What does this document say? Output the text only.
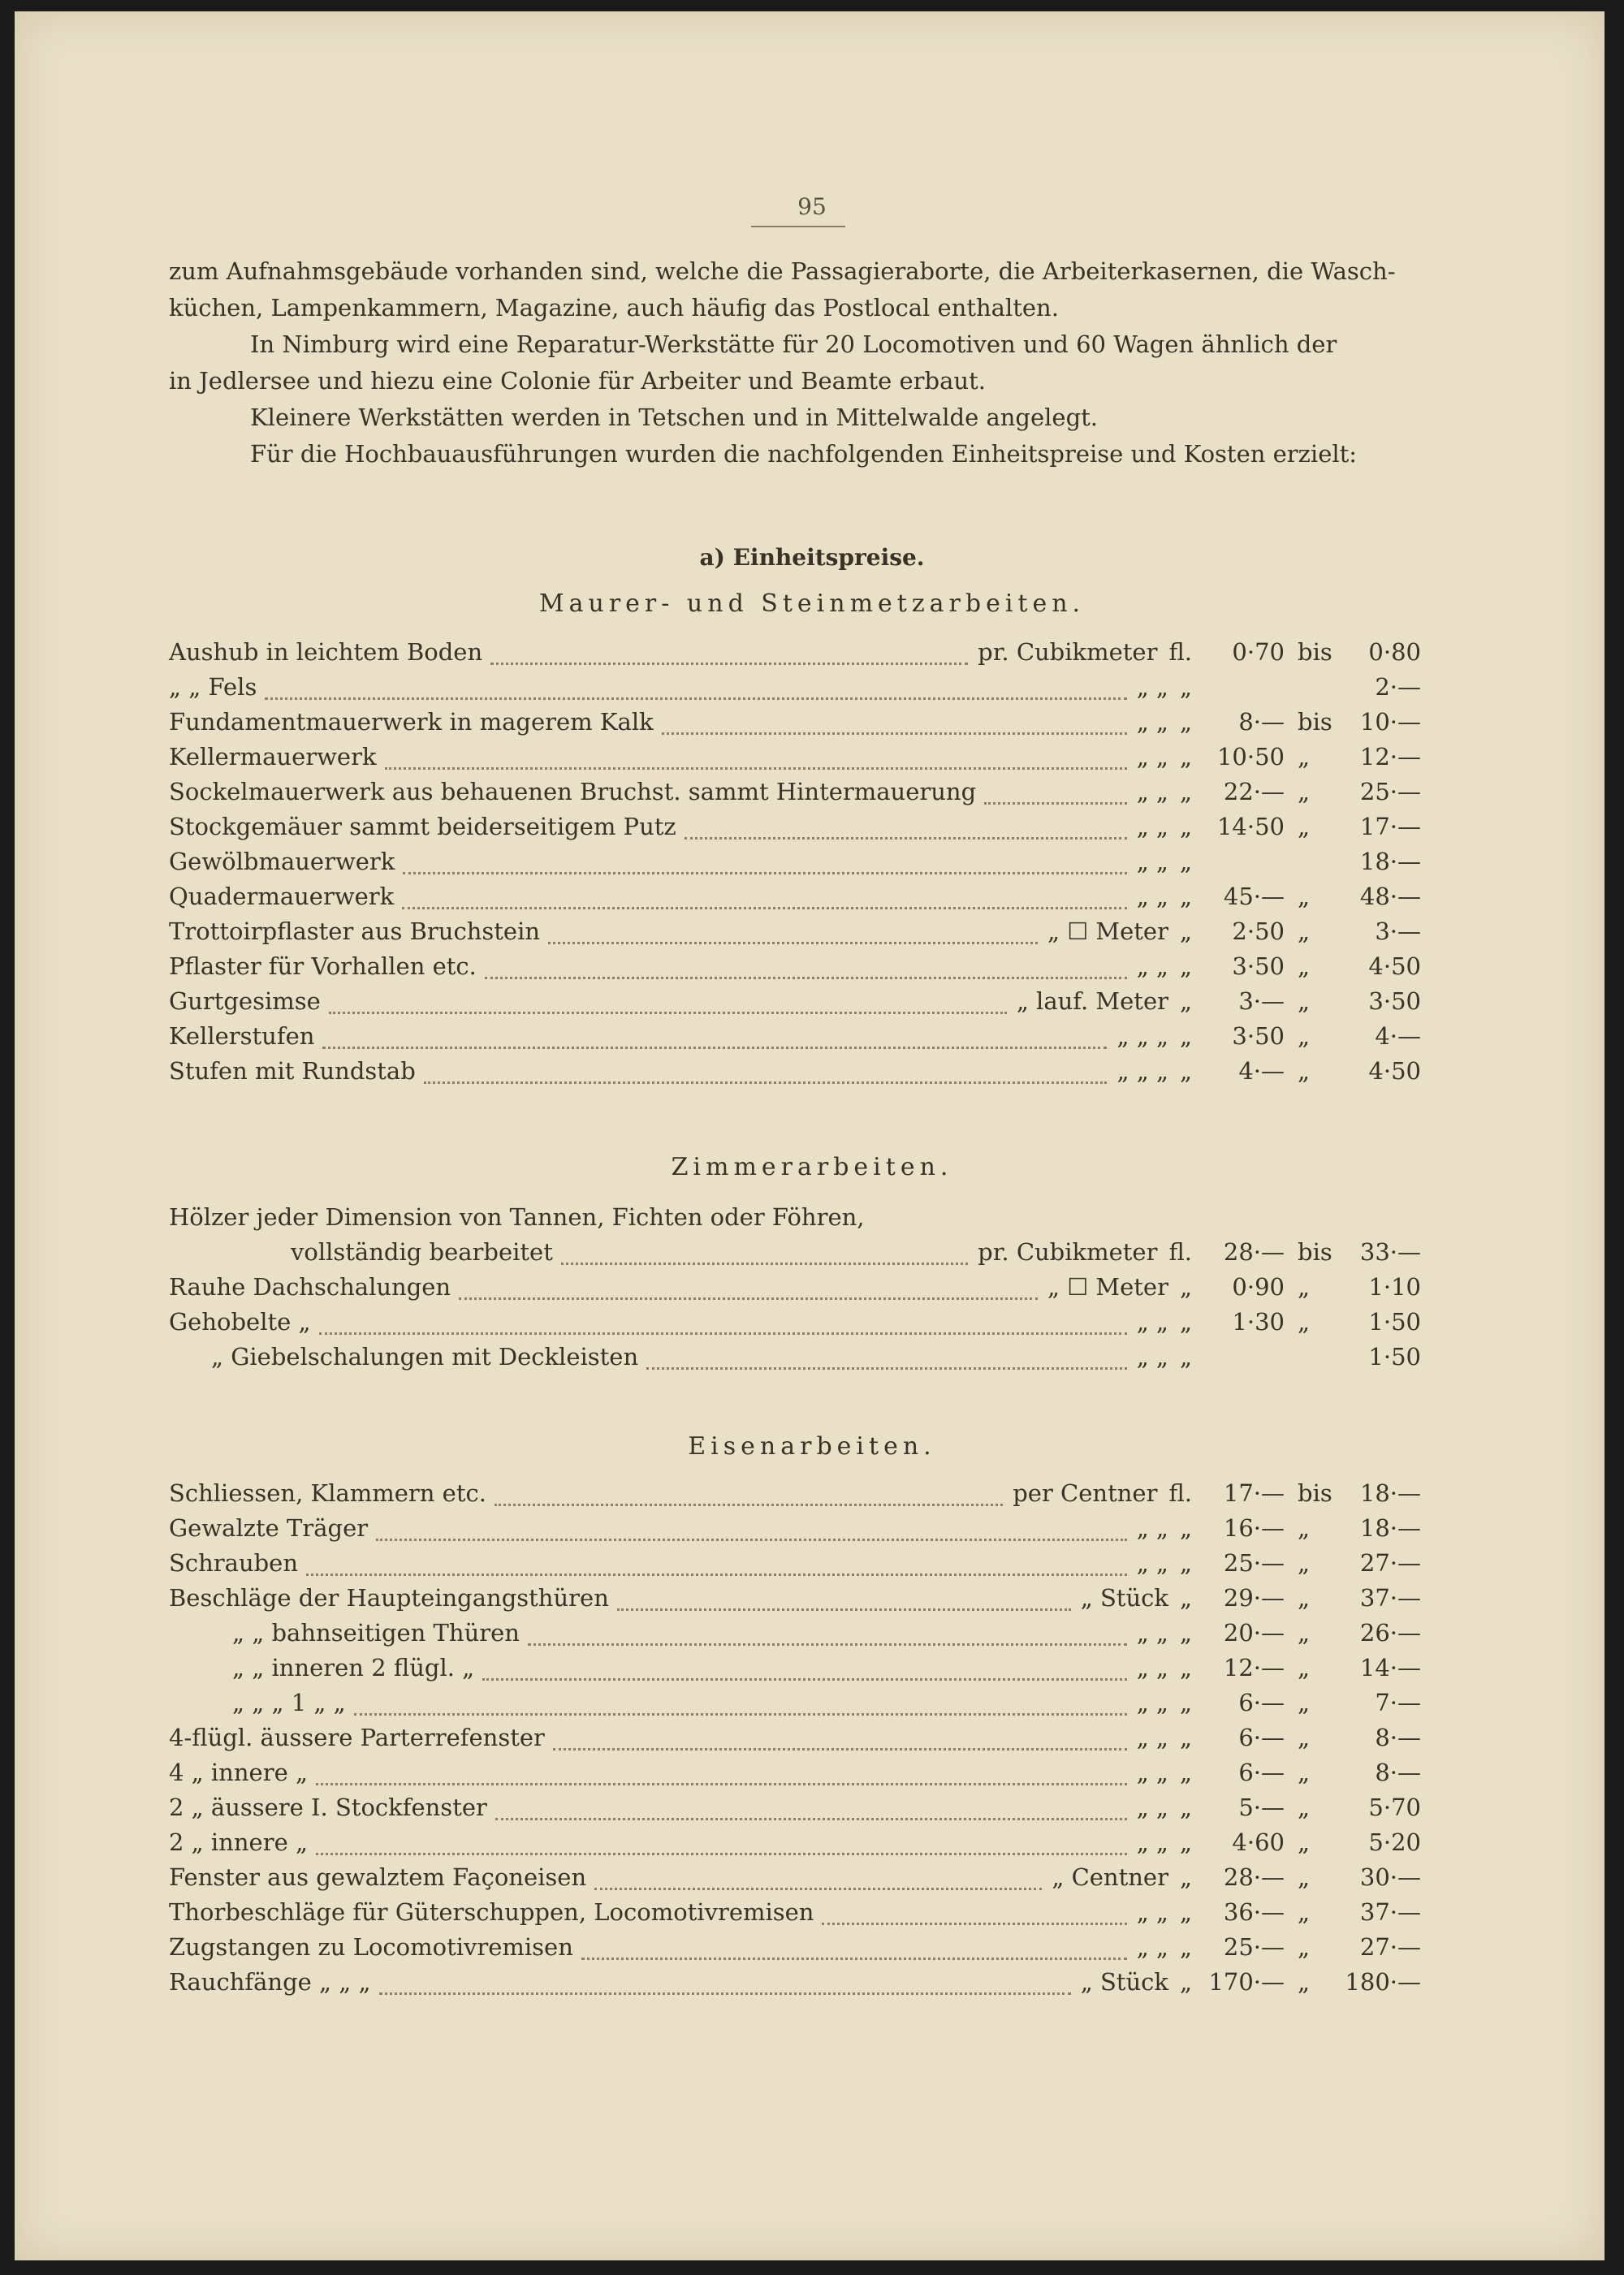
95

zum Aufnahmsgebäude vorhanden sind, welche die Passagieraborte, die Arbeiterkasernen, die Wasch-

küchen, Lampenkammern, Magazine, auch häufig das Postlocal enthalten.

In Nimburg wird eine Reparatur-Werkstätte für 20 Locomotiven und 60 Wagen ähnlich der

in Jedlersee und hiezu eine Colonie für Arbeiter und Beamte erbaut.

Kleinere Werkstätten werden in Tetschen und in Mittelwalde angelegt.

Für die Hochbauausführungen wurden die nachfolgenden Einheitspreise und Kosten erzielt:

a) Einheitspreise.
Maurer- und Steinmetzarbeiten.
Aushub in leichtem Boden	pr. Cubikmeter fl. 0·70 bis 0·80
„ „ Fels	„ „ „	2·—
Fundamentmauerwerk in magerem Kalk	„ „ „ 8·— bis 10·—
Kellermauerwerk	„ „ „ 10·50 „ 12·—
Sockelmauerwerk aus behauenen Bruchst. sammt Hintermauerung	„ „ „ 22·— „ 25·—
Stockgemäuer sammt beiderseitigem Putz	„ „ „ 14·50 „ 17·—
Gewölbmauerwerk	„ „ „	18·—
Quadermauerwerk	„ „ „ 45·— „ 48·—
Trottoirpflaster aus Bruchstein	„ ☐ Meter „ 2·50 „	3·—
Pflaster für Vorhallen etc.	„ „ „ 3·50 „ 4·50
Gurtgesimse	„ lauf. Meter „ 3·— „ 3·50
Kellerstufen	„ „ „ „ 3·50 „	4·—
Stufen mit Rundstab	„ „ „ „ 4·— „ 4·50
Zimmerarbeiten.
Hölzer jeder Dimension von Tannen, Fichten oder Föhren,
vollständig bearbeitet	pr. Cubikmeter fl. 28·— bis 33·—
Rauhe Dachschalungen	„ ☐ Meter „ 0·90 „ 1·10
Gehobelte „	„ „ „ 1·30 „ 1·50
„ Giebelschalungen mit Deckleisten	„ „ „	1·50
Eisenarbeiten.
Schliessen, Klammern etc.	per Centner fl. 17·— bis 18·—
Gewalzte Träger	„ „ „ 16·— „ 18·—
Schrauben	„ „ „ 25·— „ 27·—
Beschläge der Haupteingangsthüren	„ Stück „ 29·— „ 37·—
„ „ bahnseitigen Thüren	„ „ „ 20·— „ 26·—
„ „ inneren 2 flügl. „	„ „ „ 12·— „ 14·—
„ „ „ 1 „ „	„ „ „ 6·— „	7·—
4-flügl. äussere Parterrefenster	„ „ „ 6·— „	8·—
4 „ innere „	„ „ „ 6·— „	8·—
2 „ äussere I. Stockfenster	„ „ „ 5·— „ 5·70
2 „ innere „	„ „ „ 4·60 „ 5·20
Fenster aus gewalztem Façoneisen	„ Centner „ 28·— „ 30·—
Thorbeschläge für Güterschuppen, Locomotivremisen	„ „ „ 36·— „ 37·—
Zugstangen zu Locomotivremisen	„ „ „ 25·— „ 27·—
Rauchfänge „ „ „	„ Stück „ 170·— „ 180·—
